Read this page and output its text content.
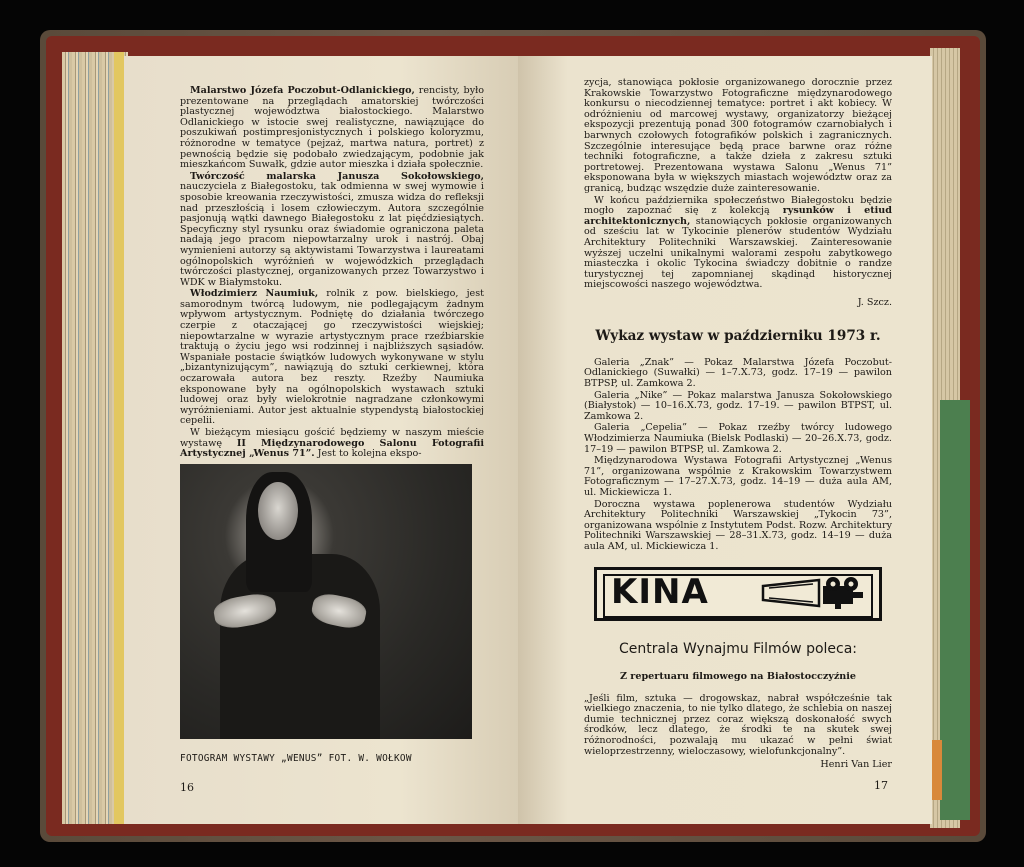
Malarstwo Józefa Poczobut-Odlanickiego, rencisty, było prezentowane na przeglądach amatorskiej twórczości plastycznej województwa białostockiego. Malarstwo Odlanickiego w istocie swej realistyczne, nawiązujące do poszukiwań postimpresjonistycznych i polskiego koloryzmu, różnorodne w tematyce (pejzaż, martwa natura, portret) z pewnością będzie się podobało zwiedzającym, podobnie jak mieszkańcom Suwałk, gdzie autor mieszka i działa społecznie.

Twórczość malarska Janusza Sokołowskiego, nauczyciela z Białegostoku, tak odmienna w swej wymowie i sposobie kreowania rzeczywistości, zmusza widza do refleksji nad przeszłością i losem człowieczym. Autora szczególnie pasjonują wątki dawnego Białegostoku z lat pięćdziesiątych. Specyficzny styl rysunku oraz świadomie ograniczona paleta nadają jego pracom niepowtarzalny urok i nastrój. Obaj wymienieni autorzy są aktywistami Towarzystwa i laureatami ogólnopolskich wyróżnień w wojewódzkich przeglądach twórczości plastycznej, organizowanych przez Towarzystwo i WDK w Białymstoku.

Włodzimierz Naumiuk, rolnik z pow. bielskiego, jest samorodnym twórcą ludowym, nie podlegającym żadnym wpływom artystycznym. Podniętę do działania twórczego czerpie z otaczającej go rzeczywistości wiejskiej; niepowtarzalne w wyrazie artystycznym prace rzeźbiarskie traktują o życiu jego wsi rodzinnej i najbliższych sąsiadów. Wspaniałe postacie świątków ludowych wykonywane w stylu „bizantynizującym”, nawiązują do sztuki cerkiewnej, która oczarowała autora bez reszty. Rzeźby Naumiuka eksponowane były na ogólnopolskich wystawach sztuki ludowej oraz były wielokrotnie nagradzane członkowymi wyróżnieniami. Autor jest aktualnie stypendystą białostockiej cepelii.

W bieżącym miesiącu gościć będziemy w naszym mieście wystawę II Międzynarodowego Salonu Fotografii Artystycznej „Wenus 71”. Jest to kolejna ekspo-

FOTOGRAM WYSTAWY „WENUS” FOT. W. WOŁKOW
16

zycja, stanowiąca pokłosie organizowanego dorocznie przez Krakowskie Towarzystwo Fotograficzne międzynarodowego konkursu o niecodziennej tematyce: portret i akt kobiecy. W odróżnieniu od marcowej wystawy, organizatorzy bieżącej ekspozycji prezentują ponad 300 fotogramów czarnobiałych i barwnych czołowych fotografików polskich i zagranicznych. Szczególnie interesujące będą prace barwne oraz różne techniki fotograficzne, a także dzieła z zakresu sztuki portretowej. Prezentowana wystawa Salonu „Wenus 71” eksponowana była w większych miastach województw oraz za granicą, budząc wszędzie duże zainteresowanie.

W końcu października społeczeństwo Białegostoku będzie mogło zapoznać się z kolekcją rysunków i etiud architektonicznych, stanowiących pokłosie organizowanych od sześciu lat w Tykocinie plenerów studentów Wydziału Architektury Politechniki Warszawskiej. Zainteresowanie wyższej uczelni unikalnymi walorami zespołu zabytkowego miasteczka i okolic Tykocina świadczy dobitnie o randze turystycznej tej zapomnianej skądinąd historycznej miejscowości naszego województwa.

J. Szcz.
Wykaz wystaw w październiku 1973 r.

Galeria „Znak” — Pokaz Malarstwa Józefa Poczobut-Odlanickiego (Suwałki) — 1–7.X.73, godz. 17–19 — pawilon BTPSP, ul. Zamkowa 2.

Galeria „Nike” — Pokaz malarstwa Janusza Sokołowskiego (Białystok) — 10–16.X.73, godz. 17–19. — pawilon BTPST, ul. Zamkowa 2.

Galeria „Cepelia” — Pokaz rzeźby twórcy ludowego Włodzimierza Naumiuka (Bielsk Podlaski) — 20–26.X.73, godz. 17–19 — pawilon BTPSP, ul. Zamkowa 2.

Międzynarodowa Wystawa Fotografii Artystycznej „Wenus 71”, organizowana wspólnie z Krakowskim Towarzystwem Fotograficznym — 17–27.X.73, godz. 14–19 — duża aula AM, ul. Mickiewicza 1.

Doroczna wystawa poplenerowa studentów Wydziału Architektury Politechniki Warszawskiej „Tykocin 73”, organizowana wspólnie z Instytutem Podst. Rozw. Architektury Politechniki Warszawskiej — 28–31.X.73, godz. 14–19 — duża aula AM, ul. Mickiewicza 1.

KINA
Centrala Wynajmu Filmów poleca:
Z repertuaru filmowego na Białostocczyźnie
„Jeśli film, sztuka — drogowskaz, nabrał współcześnie tak wielkiego znaczenia, to nie tylko dlatego, że schlebia on naszej dumie technicznej przez coraz większą doskonałość swych środków, lecz dlatego, że środki te na skutek swej różnorodności, pozwalają mu ukazać w pełni świat wieloprzestrzenny, wieloczasowy, wielofunkcjonalny”.
Henri Van Lier
17
